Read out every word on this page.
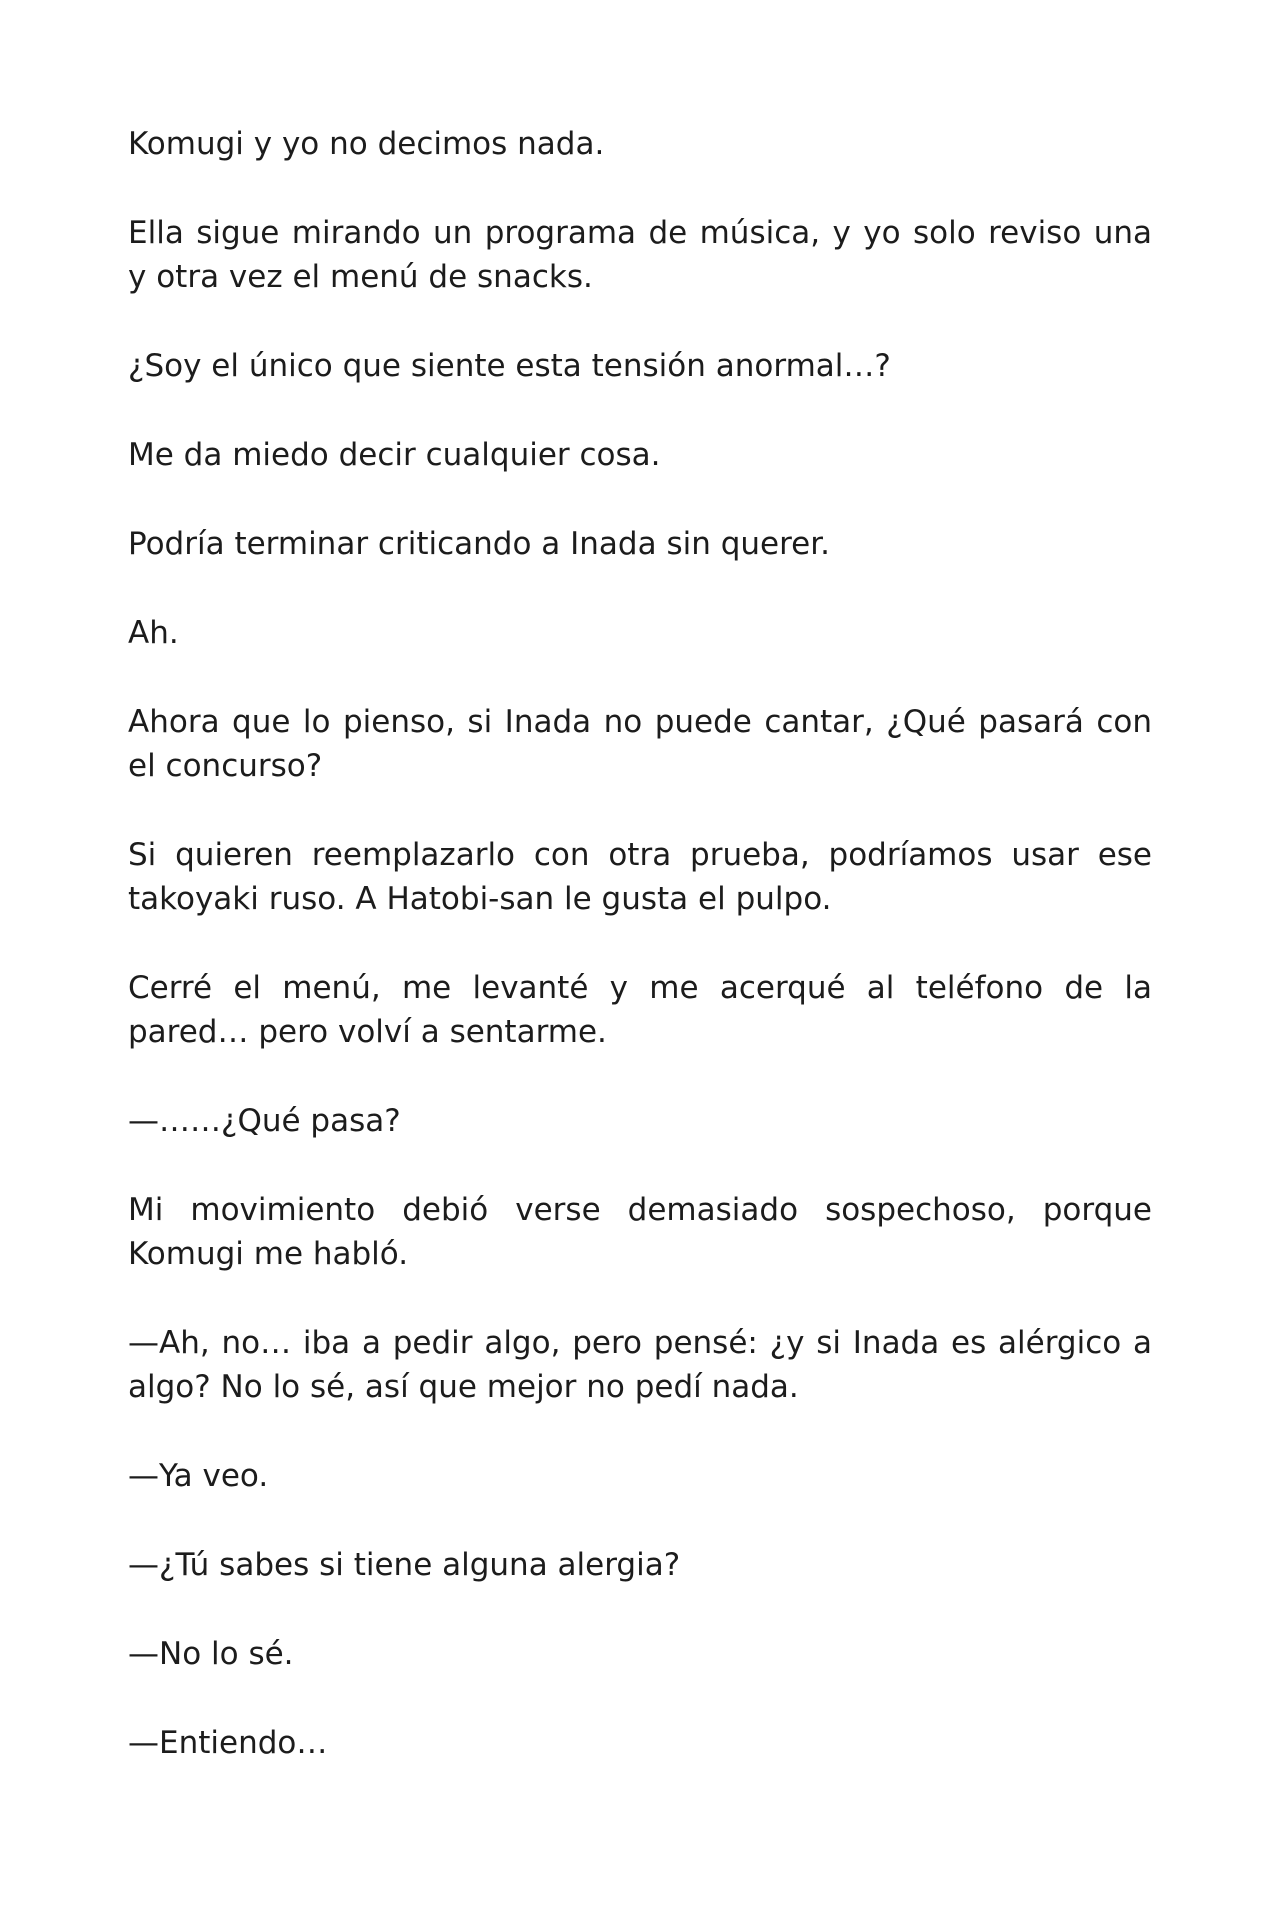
Komugi y yo no decimos nada.

Ella sigue mirando un programa de música, y yo solo reviso una y otra vez el menú de snacks.

¿Soy el único que siente esta tensión anormal…?

Me da miedo decir cualquier cosa.

Podría terminar criticando a Inada sin querer.

Ah.

Ahora que lo pienso, si Inada no puede cantar, ¿Qué pasará con el concurso?

Si quieren reemplazarlo con otra prueba, podríamos usar ese takoyaki ruso. A Hatobi-san le gusta el pulpo.

Cerré el menú, me levanté y me acerqué al teléfono de la pared… pero volví a sentarme.

—……¿Qué pasa?

Mi movimiento debió verse demasiado sospechoso, porque Komugi me habló.

—Ah, no… iba a pedir algo, pero pensé: ¿y si Inada es alérgico a algo? No lo sé, así que mejor no pedí nada.

—Ya veo.

—¿Tú sabes si tiene alguna alergia?

—No lo sé.

—Entiendo…
